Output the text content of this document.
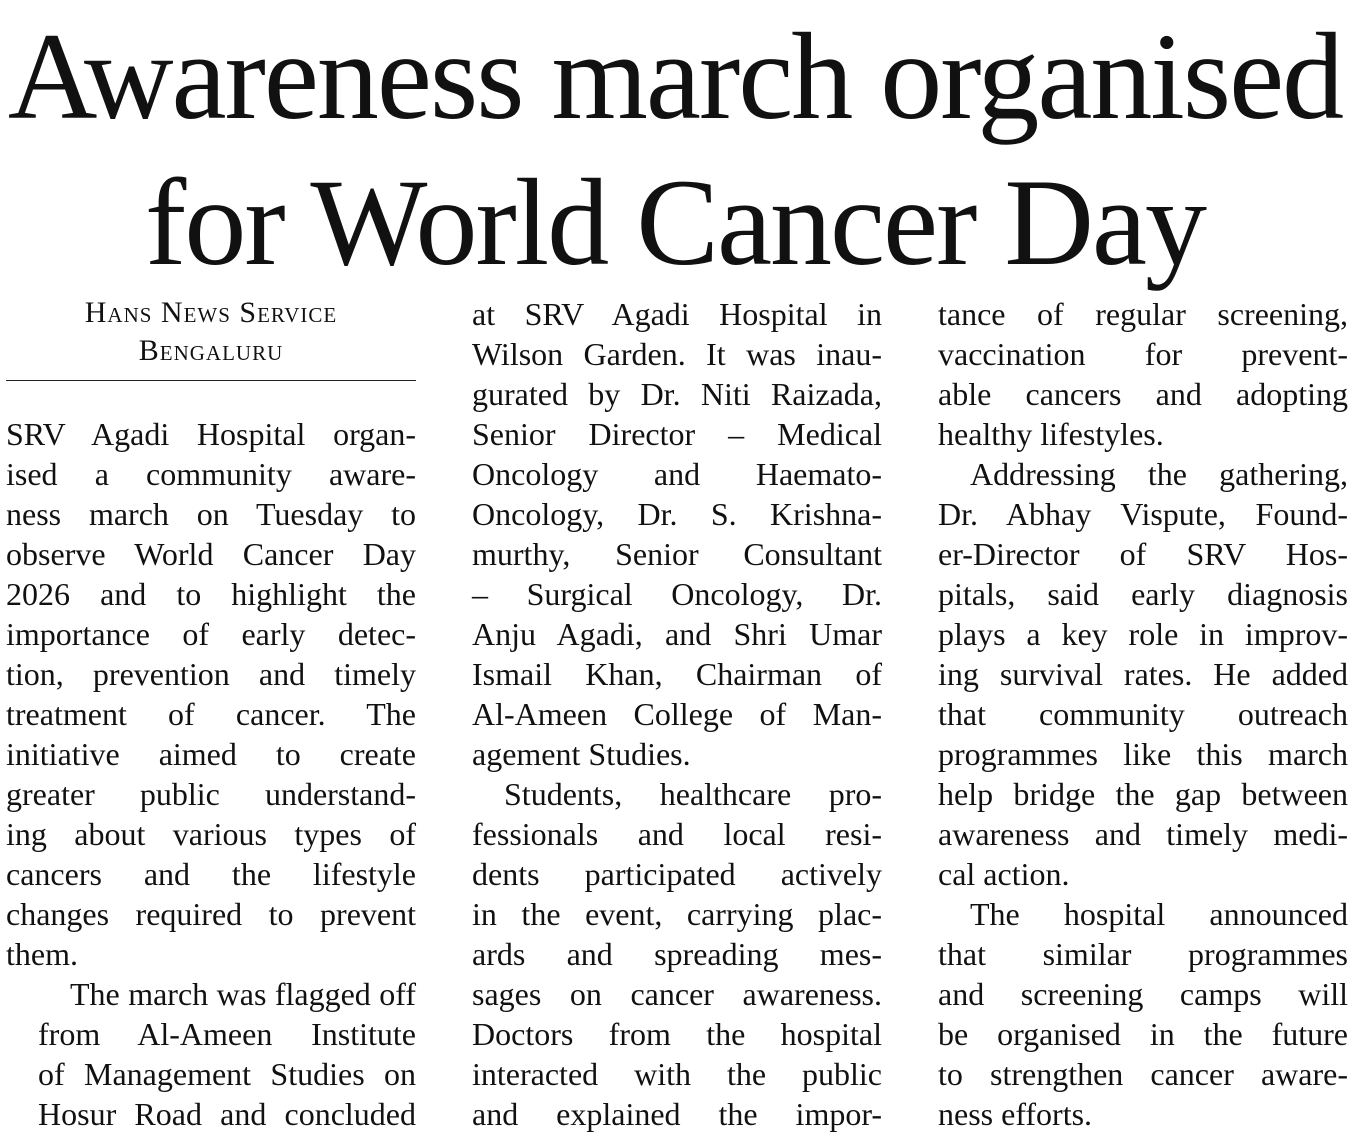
Awareness march organised
for World Cancer Day
Hans News Service
Bengaluru

SRV Agadi Hospital organ-
ised a community aware-
ness march on Tuesday to
observe World Cancer Day
2026 and to highlight the
importance of early detec-
tion, prevention and timely
treatment of cancer. The
initiative aimed to create
greater public understand-
ing about various types of
cancers and the lifestyle
changes required to prevent
them.

The march was flagged off
from Al-Ameen Institute
of Management Studies on
Hosur Road and concluded

at SRV Agadi Hospital in
Wilson Garden. It was inau-
gurated by Dr. Niti Raizada,
Senior Director – Medical
Oncology and Haemato-
Oncology, Dr. S. Krishna-
murthy, Senior Consultant
– Surgical Oncology, Dr.
Anju Agadi, and Shri Umar
Ismail Khan, Chairman of
Al-Ameen College of Man-
agement Studies.

Students, healthcare pro-
fessionals and local resi-
dents participated actively
in the event, carrying plac-
ards and spreading mes-
sages on cancer awareness.
Doctors from the hospital
interacted with the public
and explained the impor-

tance of regular screening,
vaccination for prevent-
able cancers and adopting
healthy lifestyles.

Addressing the gathering,
Dr. Abhay Vispute, Found-
er-Director of SRV Hos-
pitals, said early diagnosis
plays a key role in improv-
ing survival rates. He added
that community outreach
programmes like this march
help bridge the gap between
awareness and timely medi-
cal action.

The hospital announced
that similar programmes
and screening camps will
be organised in the future
to strengthen cancer aware-
ness efforts.
